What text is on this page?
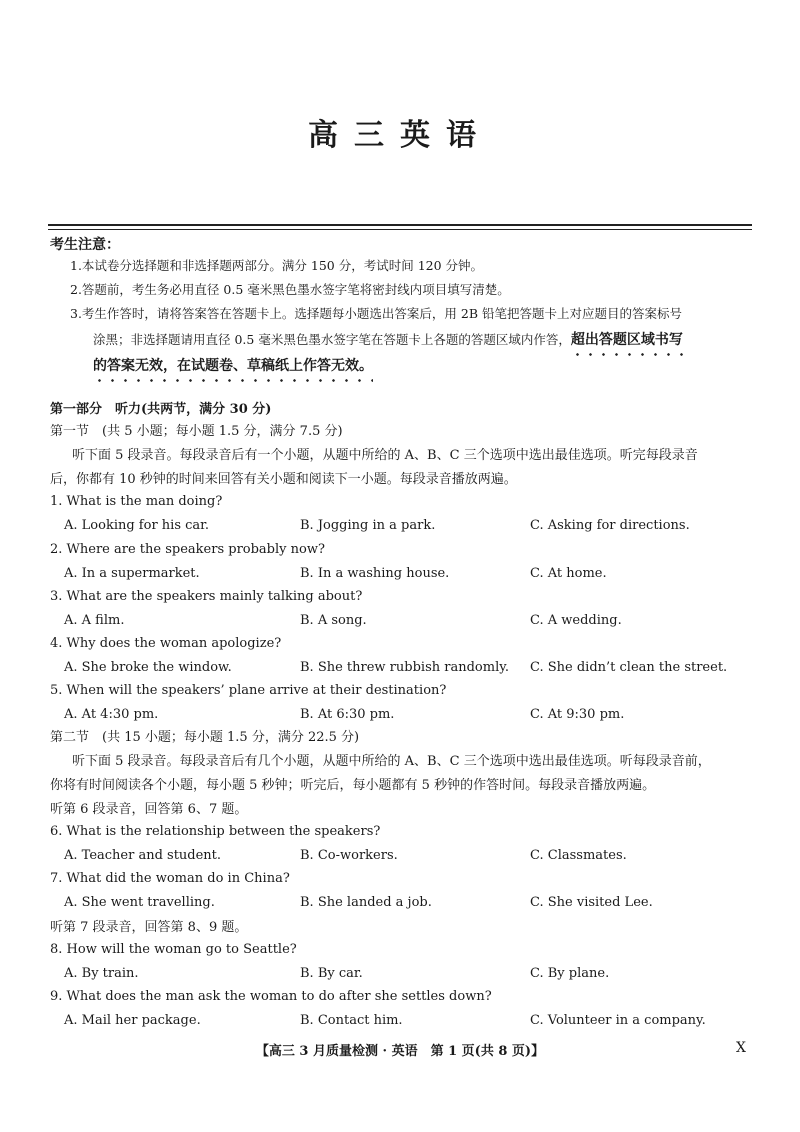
高三英语
考生注意：
1.本试卷分选择题和非选择题两部分。满分 150 分，考试时间 120 分钟。
2.答题前，考生务必用直径 0.5 毫米黑色墨水签字笔将密封线内项目填写清楚。
3.考生作答时，请将答案答在答题卡上。选择题每小题选出答案后，用 2B 铅笔把答题卡上对应题目的答案标号
涂黑；非选择题请用直径 0.5 毫米黑色墨水签字笔在答题卡上各题的答题区域内作答，超出答题区域书写
的答案无效，在试题卷、草稿纸上作答无效。
第一部分　听力(共两节，满分 30 分)
第一节　(共 5 小题；每小题 1.5 分，满分 7.5 分)
听下面 5 段录音。每段录音后有一个小题，从题中所给的 A、B、C 三个选项中选出最佳选项。听完每段录音
后，你都有 10 秒钟的时间来回答有关小题和阅读下一小题。每段录音播放两遍。
1. What is the man doing?
A. Looking for his car.	B. Jogging in a park.	C. Asking for directions.
2. Where are the speakers probably now?
A. In a supermarket.	B. In a washing house.	C. At home.
3. What are the speakers mainly talking about?
A. A film.	B. A song.	C. A wedding.
4. Why does the woman apologize?
A. She broke the window.	B. She threw rubbish randomly. C. She didn’t clean the street.
5. When will the speakers’ plane arrive at their destination?
A. At 4:30 pm.	B. At 6:30 pm.	C. At 9:30 pm.
第二节　(共 15 小题；每小题 1.5 分，满分 22.5 分)
听下面 5 段录音。每段录音后有几个小题，从题中所给的 A、B、C 三个选项中选出最佳选项。听每段录音前，
你将有时间阅读各个小题，每小题 5 秒钟；听完后，每小题都有 5 秒钟的作答时间。每段录音播放两遍。
听第 6 段录音，回答第 6、7 题。
6. What is the relationship between the speakers?
A. Teacher and student.	B. Co-workers.	C. Classmates.
7. What did the woman do in China?
A. She went travelling.	B. She landed a job.	C. She visited Lee.
听第 7 段录音，回答第 8、9 题。
8. How will the woman go to Seattle?
A. By train.	B. By car.	C. By plane.
9. What does the man ask the woman to do after she settles down?
A. Mail her package.	B. Contact him.	C. Volunteer in a company.
【高三 3 月质量检测 · 英语　第 1 页(共 8 页)】	X
